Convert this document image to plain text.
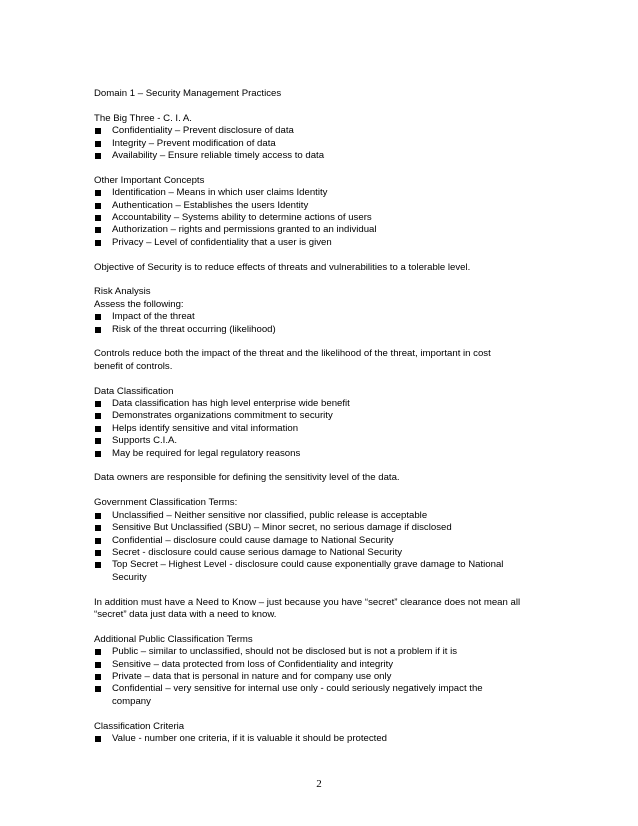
Domain 1 – Security Management Practices
The Big Three - C. I. A.
Confidentiality – Prevent disclosure of data
Integrity – Prevent modification of data
Availability – Ensure reliable timely access to data
Other Important Concepts
Identification – Means in which user claims Identity
Authentication – Establishes the users Identity
Accountability – Systems ability to determine actions of users
Authorization – rights and permissions granted to an individual
Privacy – Level of confidentiality that a user is given
Objective of Security is to reduce effects of threats and vulnerabilities to a tolerable level.
Risk Analysis
Assess the following:
Impact of the threat
Risk of the threat occurring (likelihood)
Controls reduce both the impact of the threat and the likelihood of the threat, important in cost
benefit of controls.
Data Classification
Data classification has high level enterprise wide benefit
Demonstrates organizations commitment to security
Helps identify sensitive and vital information
Supports C.I.A.
May be required for legal regulatory reasons
Data owners are responsible for defining the sensitivity level of the data.
Government Classification Terms:
Unclassified – Neither sensitive nor classified, public release is acceptable
Sensitive But Unclassified (SBU) – Minor secret, no serious damage if disclosed
Confidential – disclosure could cause damage to National Security
Secret - disclosure could cause serious damage to National Security
Top Secret – Highest Level - disclosure could cause exponentially grave damage to National
Security
In addition must have a Need to Know – just because you have “secret” clearance does not mean all
“secret” data just data with a need to know.
Additional Public Classification Terms
Public – similar to unclassified, should not be disclosed but is not a problem if it is
Sensitive – data protected from loss of Confidentiality and integrity
Private – data that is personal in nature and for company use only
Confidential – very sensitive for internal use only - could seriously negatively impact the
company
Classification Criteria
Value - number one criteria, if it is valuable it should be protected
2
